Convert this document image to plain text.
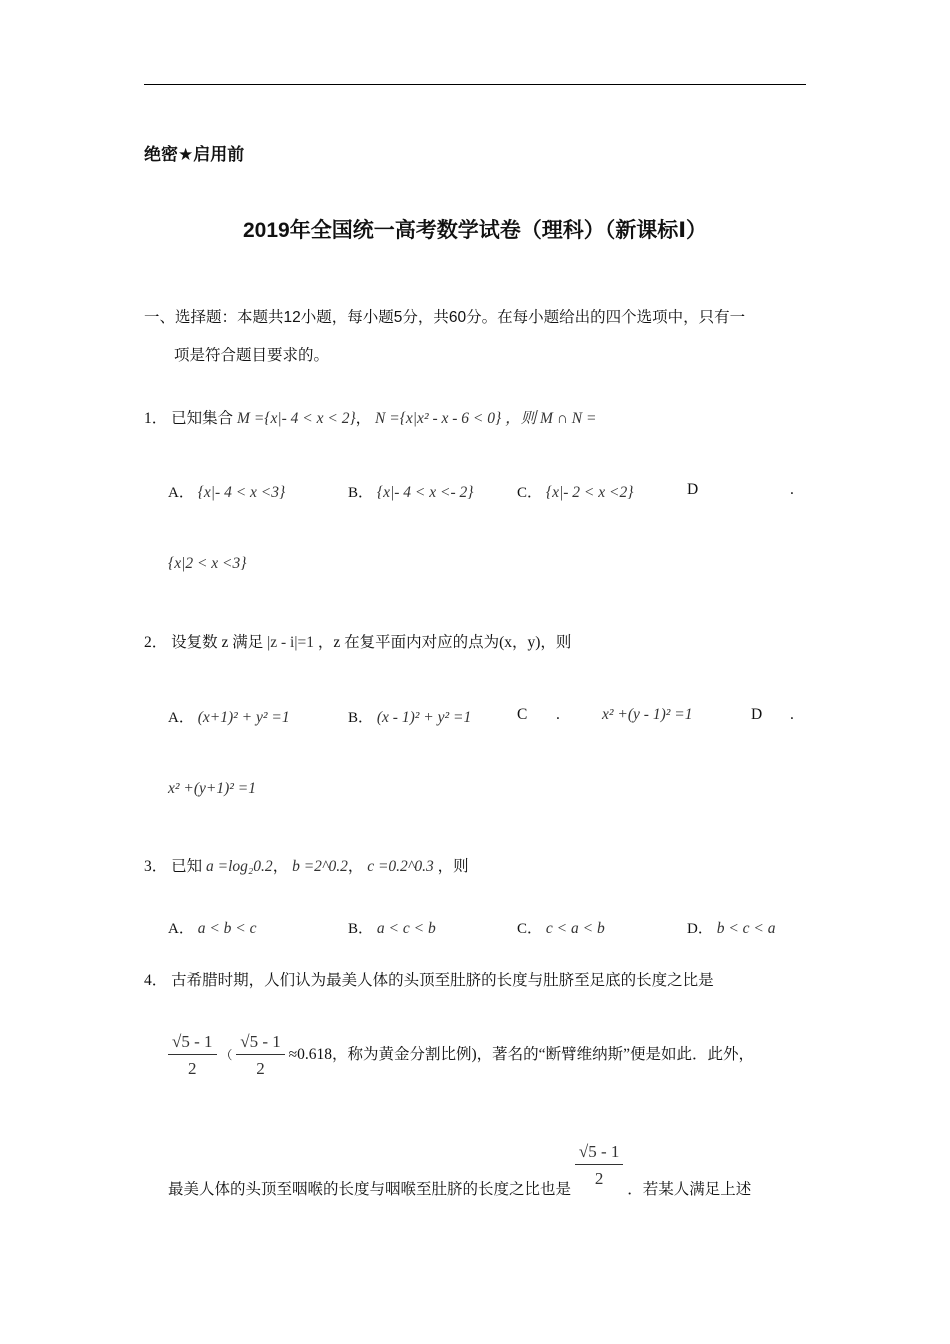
绝密★启用前
2019年全国统一高考数学试卷（理科）（新课标Ⅰ）
一、选择题：本题共12小题，每小题5分，共60分。在每小题给出的四个选项中，只有一
项是符合题目要求的。
1． 已知集合 M ={x|- 4 < x < 2}， N ={x|x² - x - 6 < 0} ，则 M ∩ N =
A． {x|- 4 < x <3}	B． {x|- 4 < x <- 2}	C． {x|- 2 < x <2}	D	.
{x|2 < x <3}
2． 设复数 z 满足 |z - i|=1 ，z 在复平面内对应的点为(x，y)，则
A． (x+1)² + y² =1	B． (x - 1)² + y² =1	C .	x² +(y - 1)² =1	D .
x² +(y+1)² =1
3． 已知 a =log₂0.2， b =2^0.2， c =0.2^0.3 ，则
A． a < b < c	B． a < c < b	C． c < a < b	D． b < c < a
4． 古希腊时期，人们认为最美人体的头顶至肚脐的长度与肚脐至足底的长度之比是
$\frac{√5 - 1}{2}$ （ $\frac{√5 - 1}{2} \approx 0.618$，称为黄金分割比例)，著名的“断臂维纳斯”便是如此．此外，
最美人体的头顶至咽喉的长度与咽喉至肚脐的长度之比也是
$\frac{√5 - 1}{2}$
．若某人满足上述
